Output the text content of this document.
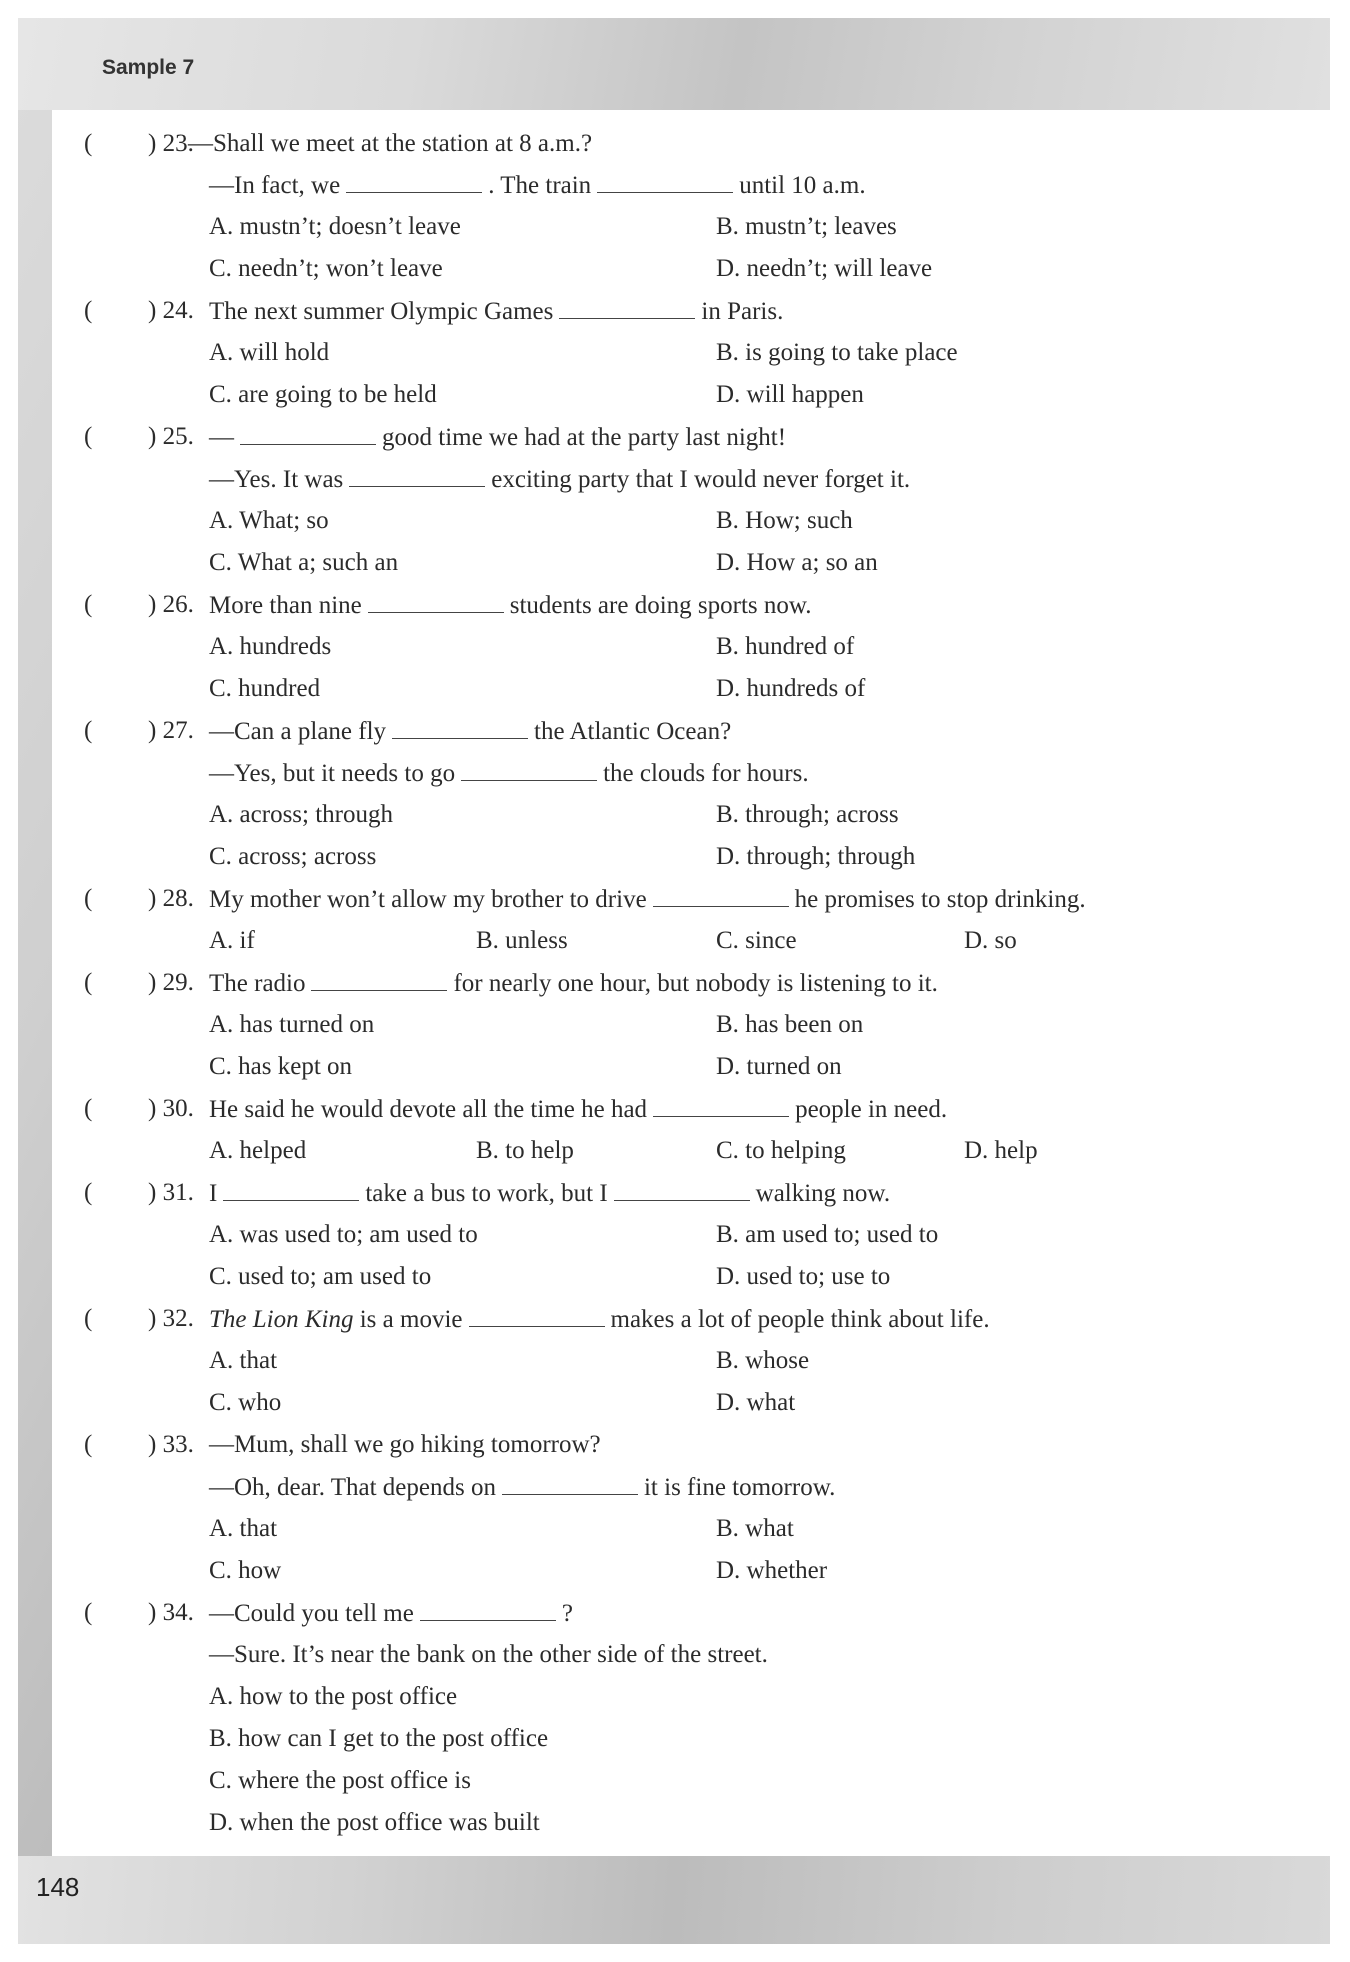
Sample 7
148
( ) 23.
—Shall we meet at the station at 8 a.m.?
—In fact, we	. The train	until 10 a.m.
A. mustn’t; doesn’t leave	B. mustn’t; leaves
C. needn’t; won’t leave	D. needn’t; will leave
( ) 24. The next summer Olympic Games	in Paris.
A. will hold	B. is going to take place
C. are going to be held	D. will happen
( ) 25. —	good time we had at the party last night!
—Yes. It was	exciting party that I would never forget it.
A. What; so	B. How; such
C. What a; such an	D. How a; so an
( ) 26. More than nine	students are doing sports now.
A. hundreds	B. hundred of
C. hundred	D. hundreds of
( ) 27. —Can a plane fly	the Atlantic Ocean?
—Yes, but it needs to go	the clouds for hours.
A. across; through	B. through; across
C. across; across	D. through; through
( ) 28. My mother won’t allow my brother to drive	he promises to stop drinking.
A. if	B. unless	C. since	D. so
( ) 29. The radio	for nearly one hour, but nobody is listening to it.
A. has turned on	B. has been on
C. has kept on	D. turned on
( ) 30. He said he would devote all the time he had	people in need.
A. helped	B. to help	C. to helping	D. help
( ) 31. I	take a bus to work, but I	walking now.
A. was used to; am used to	B. am used to; used to
C. used to; am used to	D. used to; use to
( ) 32. The Lion King is a movie	makes a lot of people think about life.
A. that	B. whose
C. who	D. what
( ) 33. —Mum, shall we go hiking tomorrow?
—Oh, dear. That depends on	it is fine tomorrow.
A. that	B. what
C. how	D. whether
( ) 34. —Could you tell me	?
—Sure. It’s near the bank on the other side of the street.
A. how to the post office
B. how can I get to the post office
C. where the post office is
D. when the post office was built
